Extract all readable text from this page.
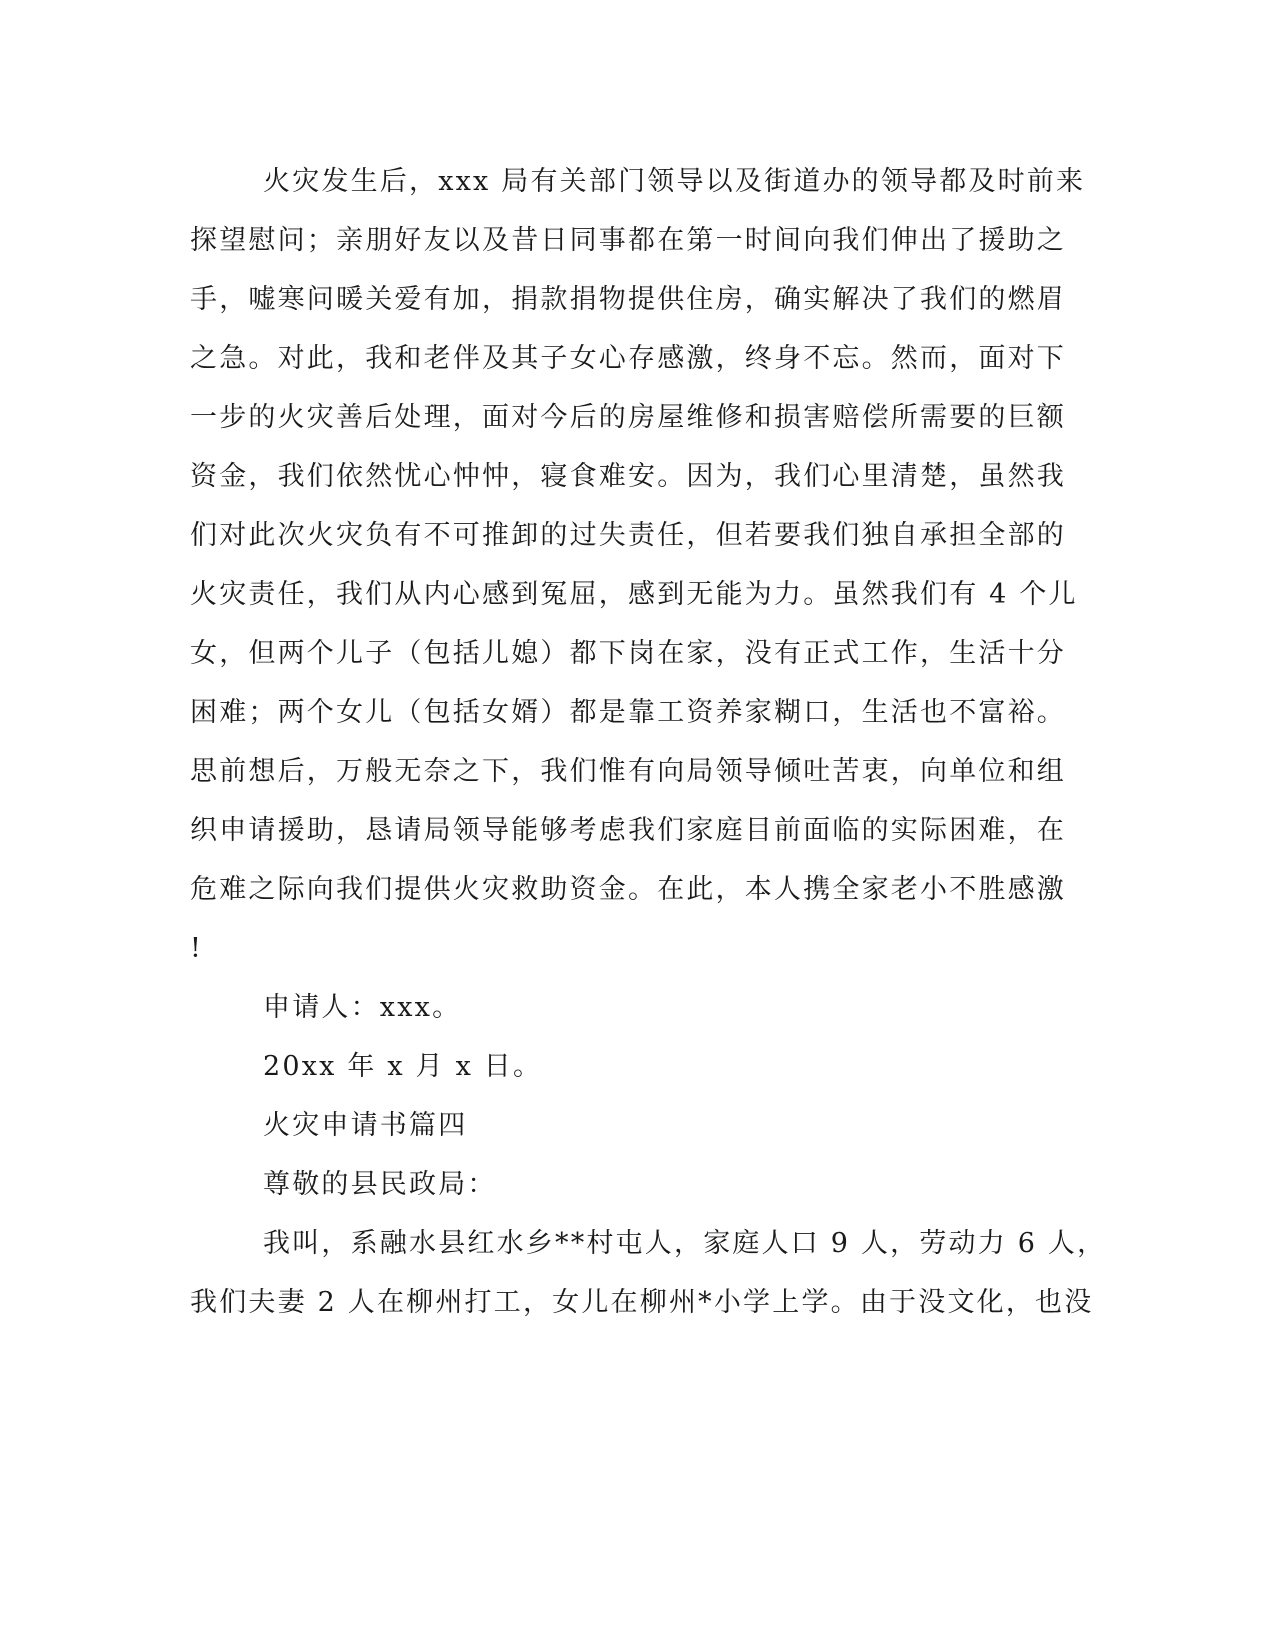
火灾发生后，xxx 局有关部门领导以及街道办的领导都及时前来
探望慰问；亲朋好友以及昔日同事都在第一时间向我们伸出了援助之
手，嘘寒问暖关爱有加，捐款捐物提供住房，确实解决了我们的燃眉
之急。对此，我和老伴及其子女心存感激，终身不忘。然而，面对下
一步的火灾善后处理，面对今后的房屋维修和损害赔偿所需要的巨额
资金，我们依然忧心忡忡，寝食难安。因为，我们心里清楚，虽然我
们对此次火灾负有不可推卸的过失责任，但若要我们独自承担全部的
火灾责任，我们从内心感到冤屈，感到无能为力。虽然我们有 4 个儿
女，但两个儿子（包括儿媳）都下岗在家，没有正式工作，生活十分
困难；两个女儿（包括女婿）都是靠工资养家糊口，生活也不富裕。
思前想后，万般无奈之下，我们惟有向局领导倾吐苦衷，向单位和组
织申请援助，恳请局领导能够考虑我们家庭目前面临的实际困难，在
危难之际向我们提供火灾救助资金。在此，本人携全家老小不胜感激
!
申请人：xxx。
20xx 年 x 月 x 日。
火灾申请书篇四
尊敬的县民政局：
我叫，系融水县红水乡**村屯人，家庭人口 9 人，劳动力 6 人，
我们夫妻 2 人在柳州打工，女儿在柳州*小学上学。由于没文化，也没
